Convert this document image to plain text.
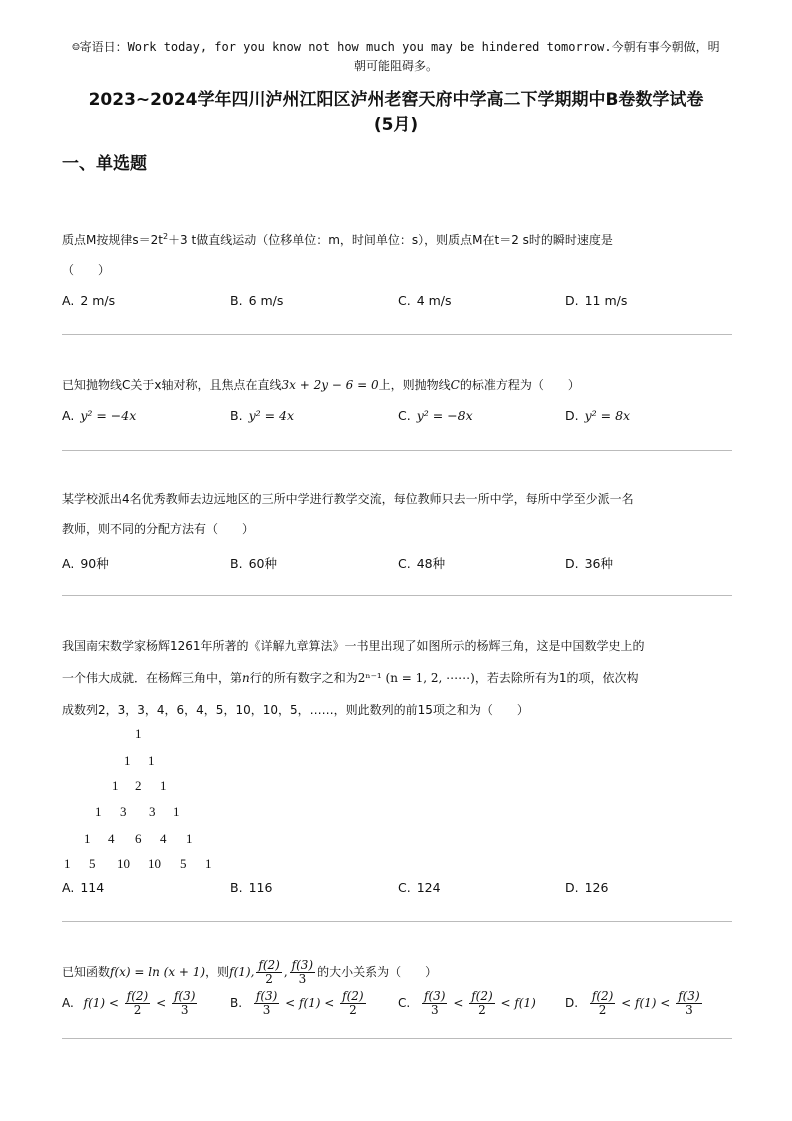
☺寄语日：Work today, for you know not how much you may be hindered tomorrow.今朝有事今朝做，明
朝可能阻碍多。
2023~2024学年四川泸州江阳区泸州老窖天府中学高二下学期期中B卷数学试卷
(5月)
一、单选题
质点M按规律$s=2t^2+3$ t做直线运动（位移单位：m，时间单位：s），则质点M在t＝2 s时的瞬时速度是
（　　）
A. 2 m/s	B. 6 m/s	C. 4 m/s	D. 11 m/s
已知抛物线C关于x轴对称，且焦点在直线3x + 2y − 6 = 0上，则抛物线C的标准方程为（　　）
A. y² = −4x	B. y² = 4x	C. y² = −8x	D. y² = 8x
某学校派出4名优秀教师去边远地区的三所中学进行教学交流，每位教师只去一所中学，每所中学至少派一名
教师，则不同的分配方法有（　　）
A. 90种	B. 60种	C. 48种	D. 36种
我国南宋数学家杨辉1261年所著的《详解九章算法》一书里出现了如图所示的杨辉三角，这是中国数学史上的
一个伟大成就．在杨辉三角中，第n行的所有数字之和为2ⁿ⁻¹ (n = 1, 2, ⋯⋯)，若去除所有为1的项，依次构
成数列2，3，3，4，6，4，5，10，10，5，……，则此数列的前15项之和为（　　）
1
1 1
1 2 1
1 3 3 1
1 4 6 4 1
1 5 10 10 5 1
A. 114	B. 116	C. 124	D. 126
已知函数f(x) = ln (x + 1)，则f(1), $\frac{f(2)}{2}$ , $\frac{f(3)}{3}$ 的大小关系为（　　）
A. $f(1) < \frac{f(2)}{2} < \frac{f(3)}{3}$	B. $\frac{f(3)}{3} < f(1) < \frac{f(2)}{2}$	C. $\frac{f(3)}{3} < \frac{f(2)}{2} < f(1)$ D. $\frac{f(2)}{2} < f(1) < \frac{f(3)}{3}$
